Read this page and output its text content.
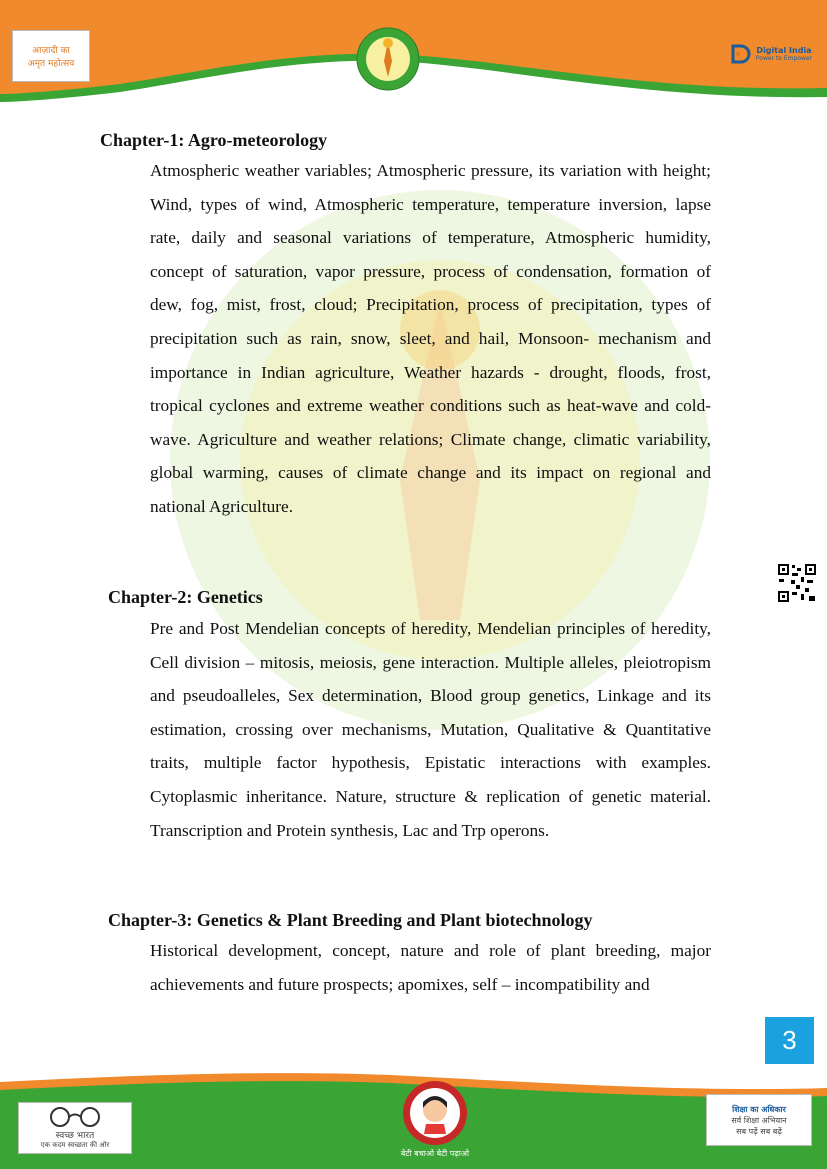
आज़ादी का
अमृत महोत्सव
Digital India
Power to Empower
Chapter-1: Agro-meteorology

Atmospheric weather variables; Atmospheric pressure, its variation with height; Wind, types of wind, Atmospheric temperature, temperature inversion, lapse rate, daily and seasonal variations of temperature, Atmospheric humidity, concept of saturation, vapor pressure, process of condensation, formation of dew, fog, mist, frost, cloud; Precipitation, process of precipitation, types of precipitation such as rain, snow, sleet, and hail, Monsoon- mechanism and importance in Indian agriculture, Weather hazards - drought, floods, frost, tropical cyclones and extreme weather conditions such as heat-wave and cold-wave. Agriculture and weather relations; Climate change, climatic variability, global warming, causes of climate change and its impact on regional and national Agriculture.

Chapter-2: Genetics

Pre and Post Mendelian concepts of heredity, Mendelian principles of heredity, Cell division – mitosis, meiosis, gene interaction. Multiple alleles, pleiotropism and pseudoalleles, Sex determination, Blood group genetics, Linkage and its estimation, crossing over mechanisms, Mutation, Qualitative & Quantitative traits, multiple factor hypothesis, Epistatic interactions with examples. Cytoplasmic inheritance. Nature, structure & replication of genetic material. Transcription and Protein synthesis, Lac and Trp operons.

Chapter-3: Genetics & Plant Breeding and Plant biotechnology

Historical development, concept, nature and role of plant breeding, major achievements and future prospects; apomixes, self – incompatibility and

3
स्वच्छ भारत
एक कदम स्वच्छता की ओर
बेटी बचाओ बेटी पढ़ाओ
शिक्षा का अधिकार
सर्व शिक्षा अभियान
सब पढ़ें सब बढ़ें
